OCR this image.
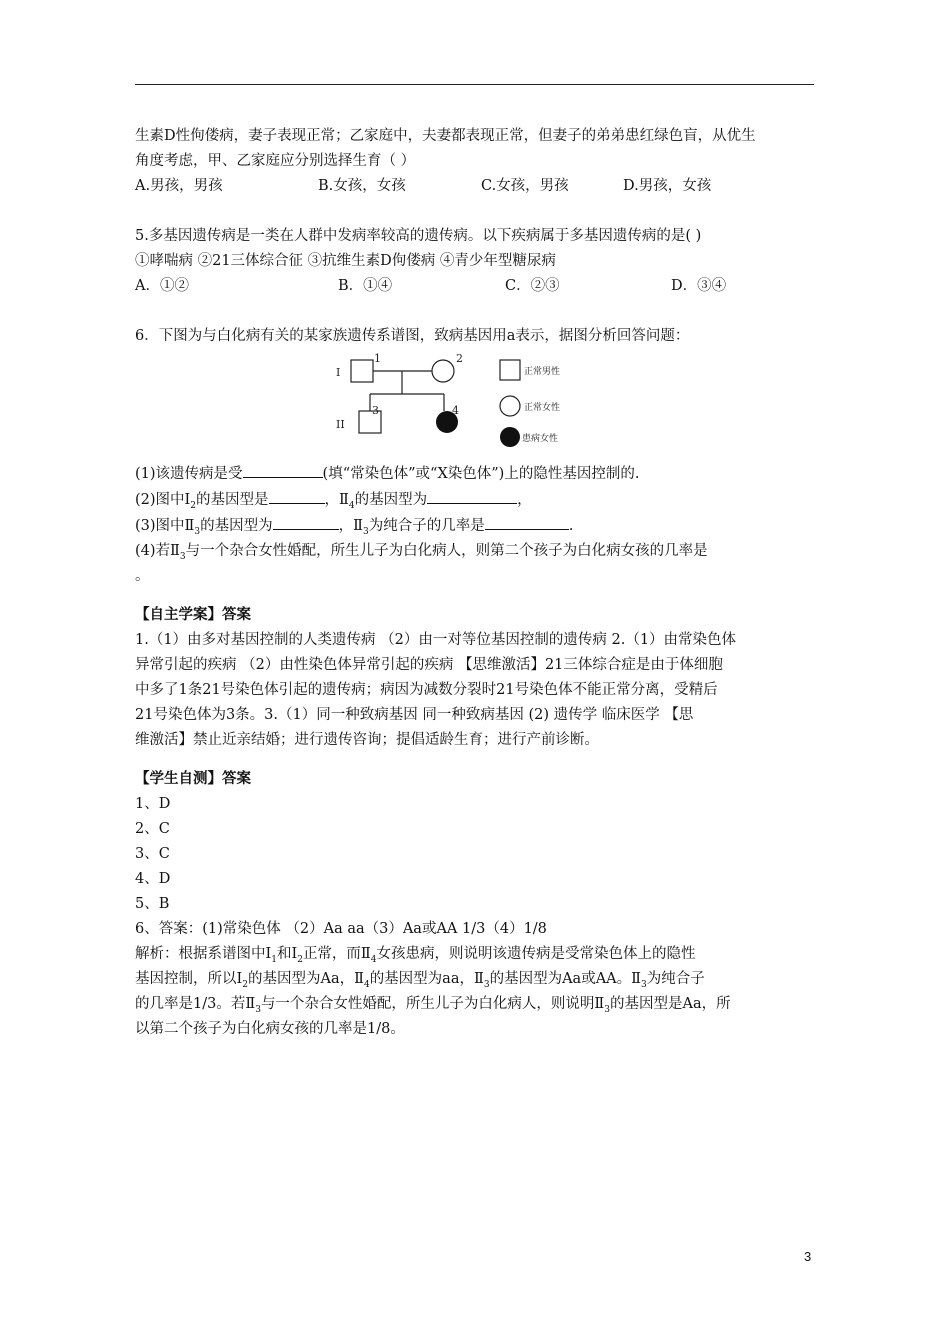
生素D性佝偻病，妻子表现正常；乙家庭中，夫妻都表现正常，但妻子的弟弟患红绿色盲，从优生

角度考虑，甲、乙家庭应分别选择生育（ ）

A.男孩，男孩	B.女孩，女孩	C.女孩，男孩	D.男孩，女孩

5.多基因遗传病是一类在人群中发病率较高的遗传病。以下疾病属于多基因遗传病的是( )

①哮喘病 ②21三体综合征 ③抗维生素D佝偻病 ④青少年型糖尿病

A．①②	B．①④	C．②③	D．③④

6．下图为与白化病有关的某家族遗传系谱图，致病基因用a表示，据图分析回答问题：

I
II
1	2
3	4
正常男性
正常女性
患病女性

(1)该遗传病是受	(填“常染色体”或“X染色体”)上的隐性基因控制的.

(2)图中$I_2$的基因型是	，$Ⅱ_4$的基因型为	，

(3)图中$Ⅱ_3$的基因型为	，$Ⅱ_3$为纯合子的几率是	.

(4)若$Ⅱ_3$与一个杂合女性婚配，所生儿子为白化病人，则第二个孩子为白化病女孩的几率是

。

【自主学案】答案

1.（1）由多对基因控制的人类遗传病 （2）由一对等位基因控制的遗传病 2.（1）由常染色体

异常引起的疾病 （2）由性染色体异常引起的疾病 【思维激活】21三体综合症是由于体细胞

中多了1条21号染色体引起的遗传病；病因为减数分裂时21号染色体不能正常分离，受精后

21号染色体为3条。3.（1）同一种致病基因 同一种致病基因 (2) 遗传学 临床医学 【思

维激活】禁止近亲结婚；进行遗传咨询；提倡适龄生育；进行产前诊断。

【学生自测】答案

1、D

2、C

3、C

4、D

5、B

6、答案：(1)常染色体 （2）Aa aa（3）Aa或AA 1/3（4）1/8

解析：根据系谱图中$Ⅰ_1$和$Ⅰ_2$正常，而$Ⅱ_4$女孩患病，则说明该遗传病是受常染色体上的隐性

基因控制，所以$Ⅰ_2$的基因型为Aa，$Ⅱ_4$的基因型为aa，$Ⅱ_3$的基因型为Aa或AA。$Ⅱ_3$为纯合子

的几率是1/3。若$Ⅱ_3$与一个杂合女性婚配，所生儿子为白化病人，则说明$Ⅱ_3$的基因型是Aa，所

以第二个孩子为白化病女孩的几率是1/8。

3
